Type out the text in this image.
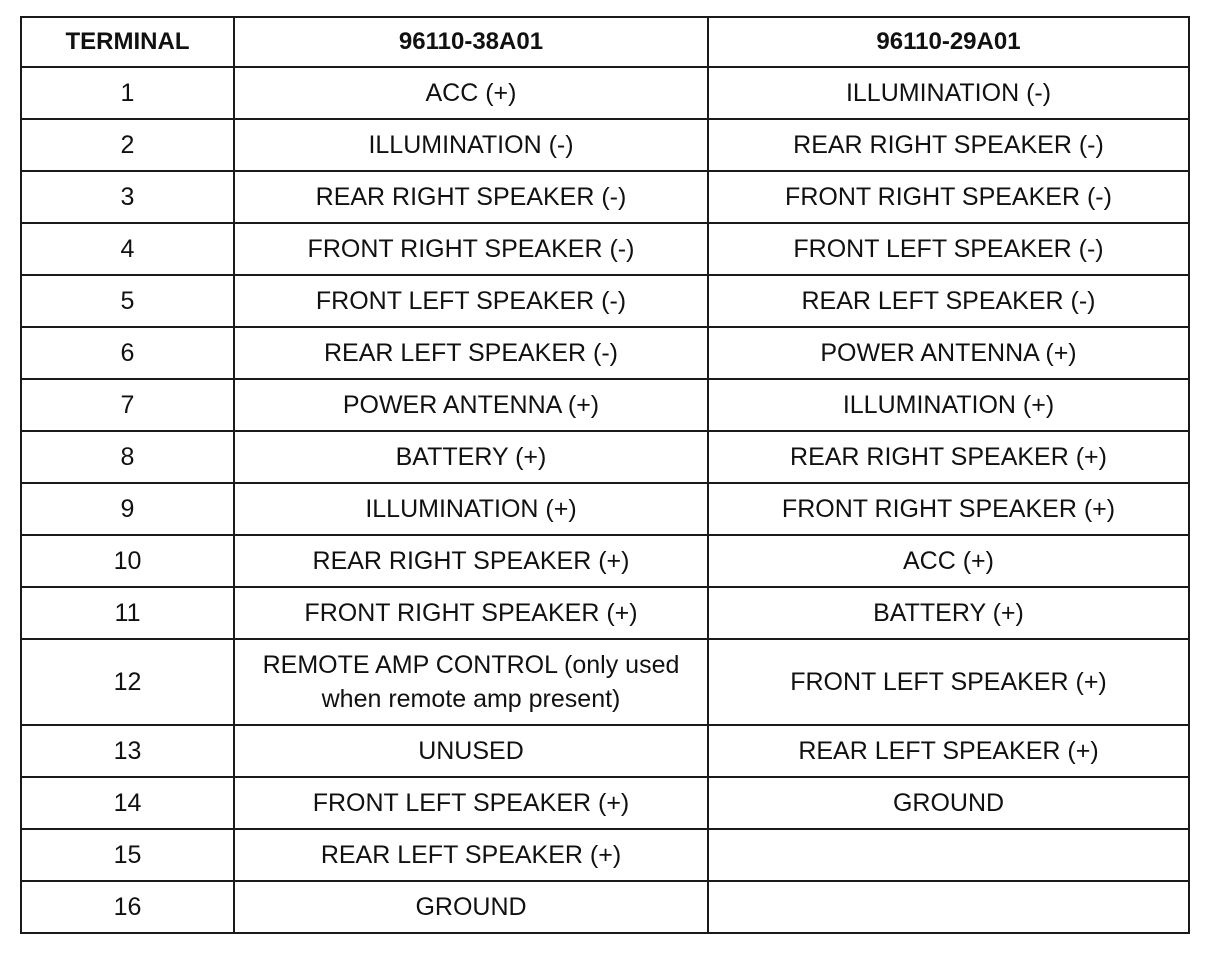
TERMINAL	96110-38A01	96110-29A01
1	ACC (+)	ILLUMINATION (-)
2	ILLUMINATION (-)	REAR RIGHT SPEAKER (-)
3	REAR RIGHT SPEAKER (-)	FRONT RIGHT SPEAKER (-)
4	FRONT RIGHT SPEAKER (-)	FRONT LEFT SPEAKER (-)
5	FRONT LEFT SPEAKER (-)	REAR LEFT SPEAKER (-)
6	REAR LEFT SPEAKER (-)	POWER ANTENNA (+)
7	POWER ANTENNA (+)	ILLUMINATION (+)
8	BATTERY (+)	REAR RIGHT SPEAKER (+)
9	ILLUMINATION (+)	FRONT RIGHT SPEAKER (+)
10	REAR RIGHT SPEAKER (+)	ACC (+)
11	FRONT RIGHT SPEAKER (+)	BATTERY (+)
12	REMOTE AMP CONTROL (only used when remote amp present)	FRONT LEFT SPEAKER (+)
13	UNUSED	REAR LEFT SPEAKER (+)
14	FRONT LEFT SPEAKER (+)	GROUND
15	REAR LEFT SPEAKER (+)	
16	GROUND	
